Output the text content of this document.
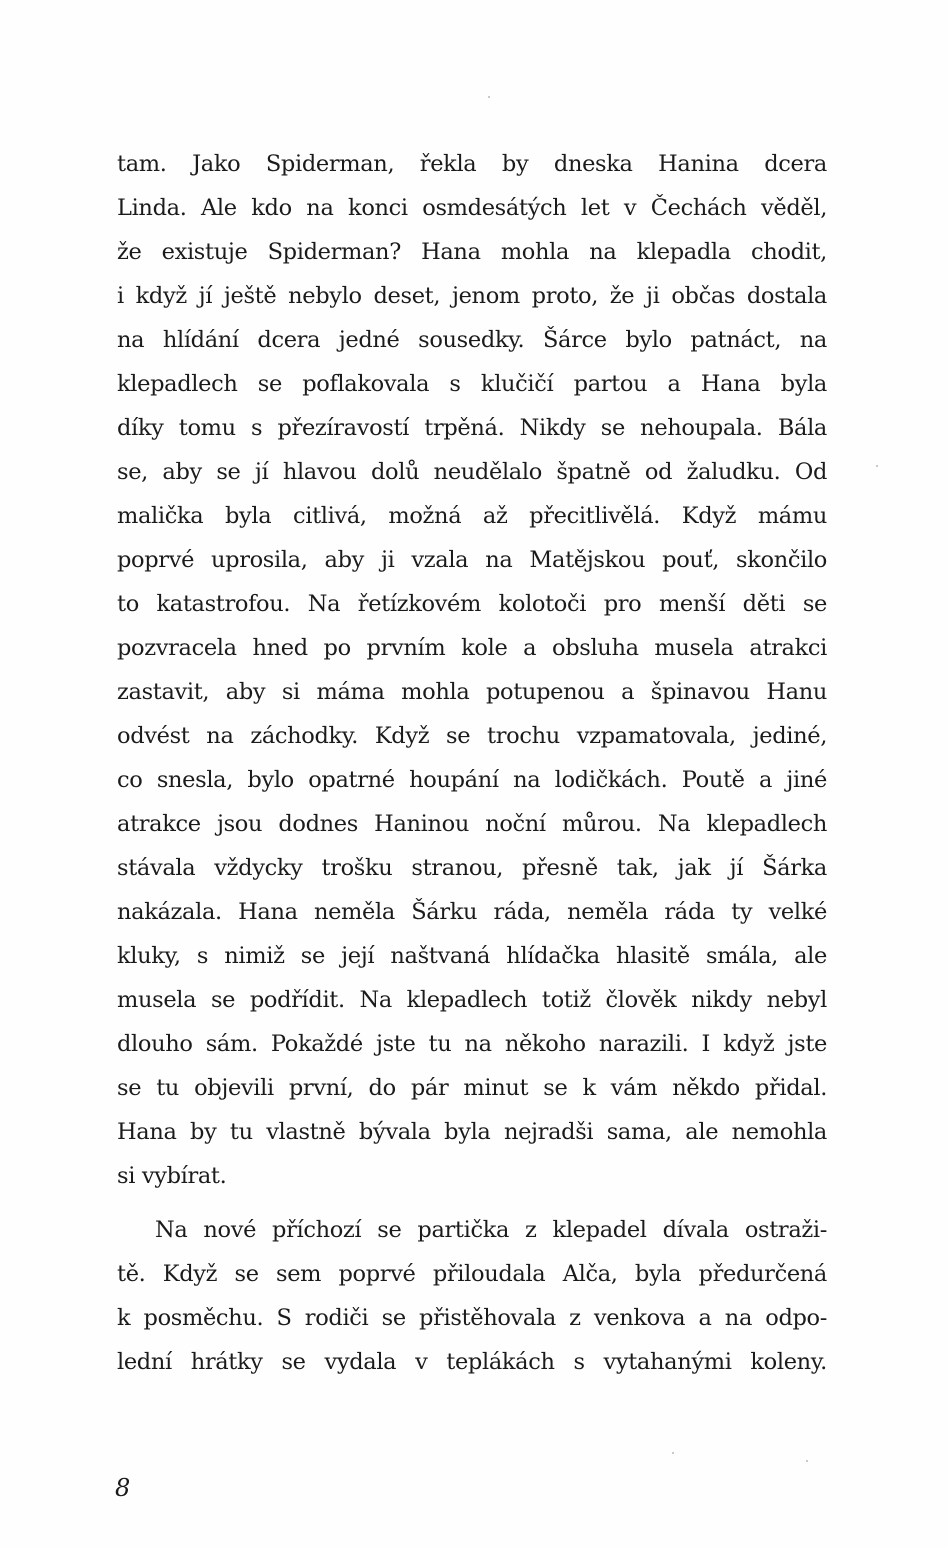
tam. Jako Spiderman, řekla by dneska Hanina dcera
Linda. Ale kdo na konci osmdesátých let v Čechách věděl,
že existuje Spiderman? Hana mohla na klepadla chodit,
i když jí ještě nebylo deset, jenom proto, že ji občas dostala
na hlídání dcera jedné sousedky. Šárce bylo patnáct, na
klepadlech se poflakovala s klučičí partou a Hana byla
díky tomu s přezíravostí trpěná. Nikdy se nehoupala. Bála
se, aby se jí hlavou dolů neudělalo špatně od žaludku. Od
malička byla citlivá, možná až přecitlivělá. Když mámu
poprvé uprosila, aby ji vzala na Matějskou pouť, skončilo
to katastrofou. Na řetízkovém kolotoči pro menší děti se
pozvracela hned po prvním kole a obsluha musela atrakci
zastavit, aby si máma mohla potupenou a špinavou Hanu
odvést na záchodky. Když se trochu vzpamatovala, jediné,
co snesla, bylo opatrné houpání na lodičkách. Poutě a jiné
atrakce jsou dodnes Haninou noční můrou. Na klepadlech
stávala vždycky trošku stranou, přesně tak, jak jí Šárka
nakázala. Hana neměla Šárku ráda, neměla ráda ty velké
kluky, s nimiž se její naštvaná hlídačka hlasitě smála, ale
musela se podřídit. Na klepadlech totiž člověk nikdy nebyl
dlouho sám. Pokaždé jste tu na někoho narazili. I když jste
se tu objevili první, do pár minut se k vám někdo přidal.
Hana by tu vlastně bývala byla nejradši sama, ale nemohla
si vybírat.
Na nové příchozí se partička z klepadel dívala ostraži-
tě. Když se sem poprvé přiloudala Alča, byla předurčená
k posměchu. S rodiči se přistěhovala z venkova a na odpo-
lední hrátky se vydala v teplákách s vytahanými koleny.
8
